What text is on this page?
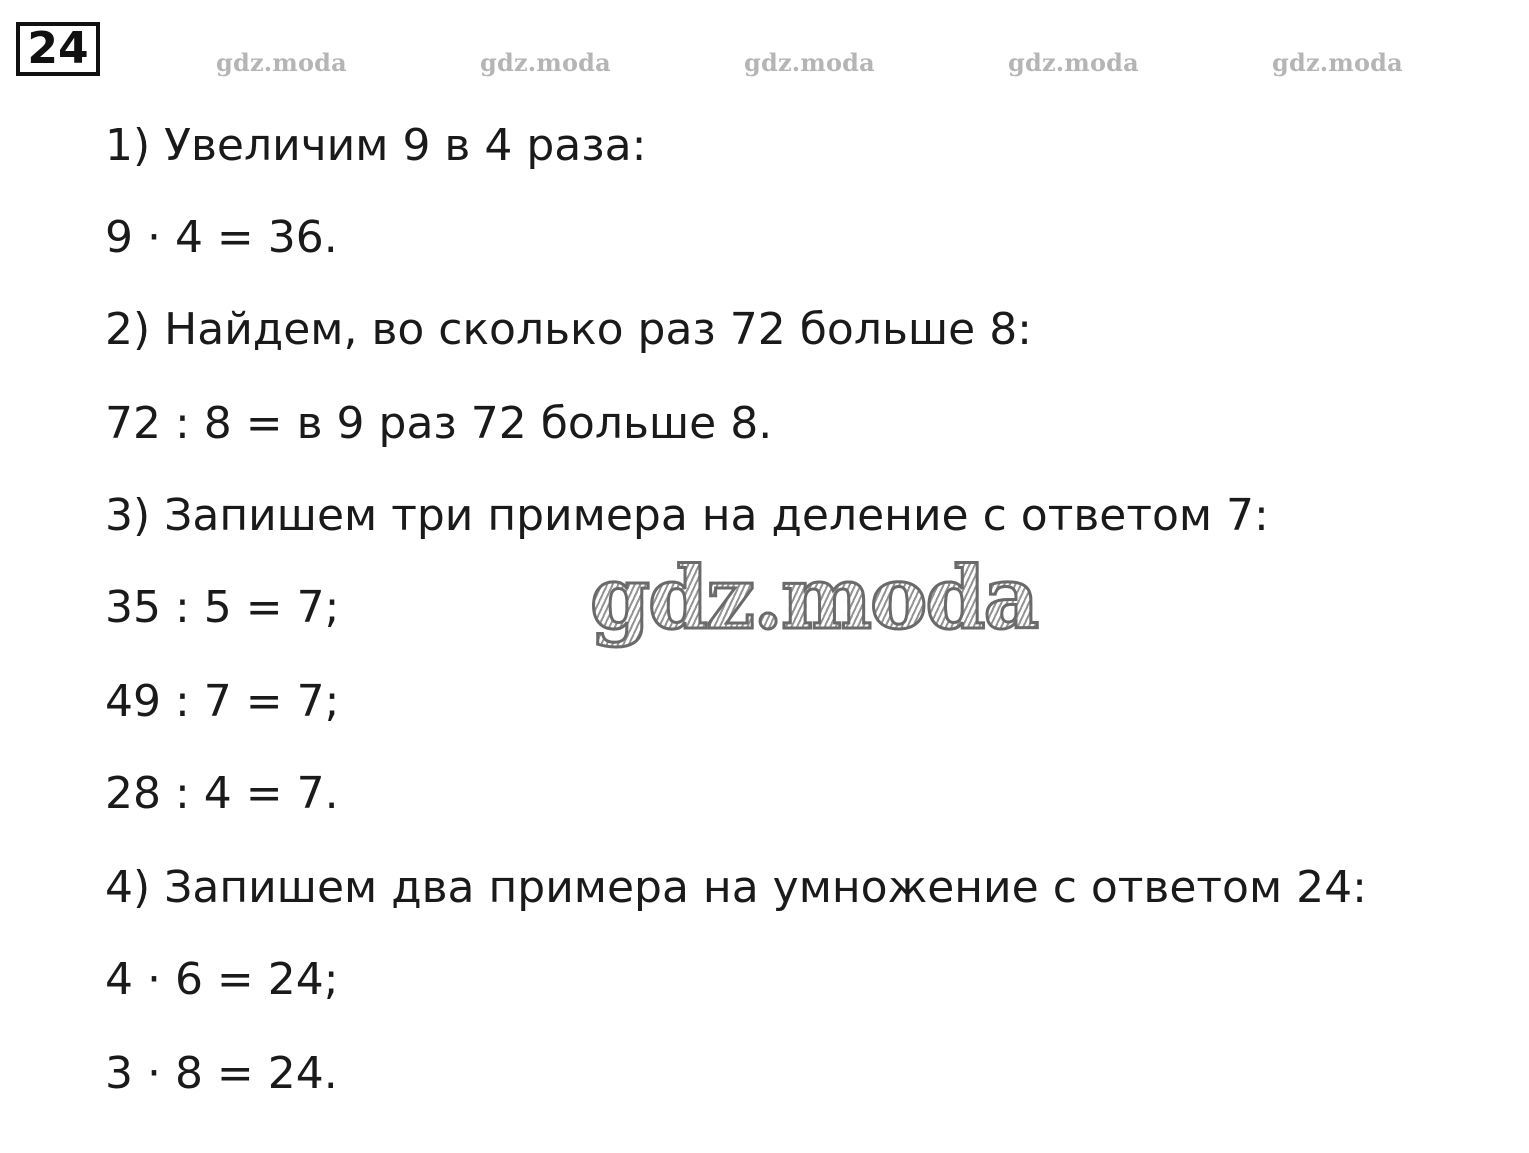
24	gdz.moda	gdz.moda	gdz.moda	gdz.moda	gdz.moda
1) Увеличим 9 в 4 раза:
9 · 4 = 36.
2) Найдем, во сколько раз 72 больше 8:
72 : 8 = в 9 раз 72 больше 8.
3) Запишем три примера на деление с ответом 7:
35 : 5 = 7;
49 : 7 = 7;
28 : 4 = 7.
4) Запишем два примера на умножение с ответом 24:
4 · 6 = 24;
3 · 8 = 24.
gdz.moda
